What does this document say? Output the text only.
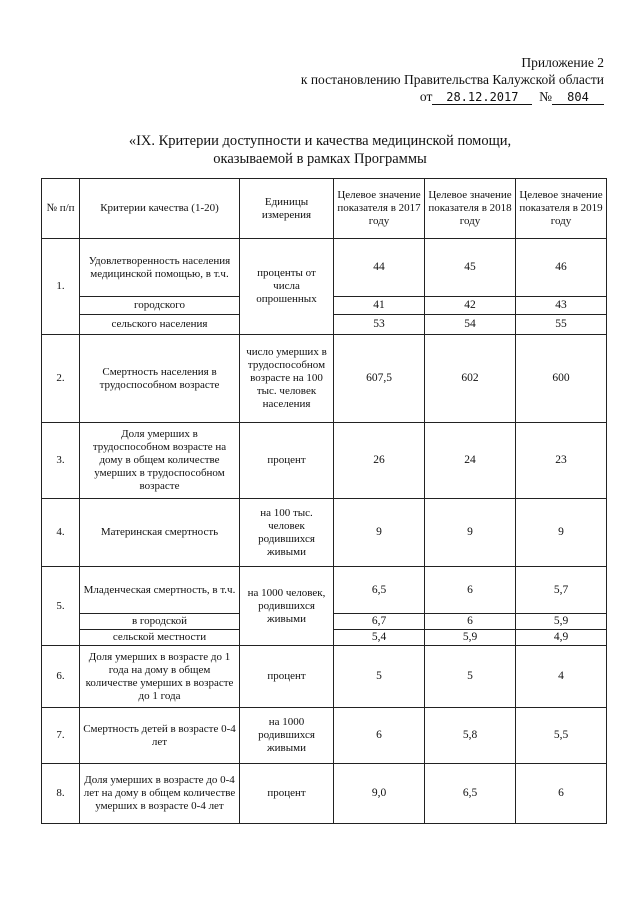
Приложение 2
к постановлению Правительства Калужской области
от 28.12.2017 № 804
«IX. Критерии доступности и качества медицинской помощи,
оказываемой в рамках Программы
№ п/п	Критерии качества (1-20)	Единицы измерения	Целевое значение показателя в 2017 году	Целевое значение показателя в 2018 году	Целевое значение показателя в 2019 году
1.	Удовлетворенность населения медицинской помощью, в т.ч.	проценты от числа опрошенных	44	45	46
	городского		41	42	43
	сельского населения		53	54	55
2.	Смертность населения в трудоспособном возрасте	число умерших в трудоспособном возрасте на 100 тыс. человек населения	607,5	602	600
3.	Доля умерших в трудоспособном возрасте на дому в общем количестве умерших в трудоспособном возрасте	процент	26	24	23
4.	Материнская смертность	на 100 тыс. человек родившихся живыми	9	9	9
5.	Младенческая смертность, в т.ч.	на 1000 человек, родившихся живыми	6,5	6	5,7
	в городской		6,7	6	5,9
	сельской местности		5,4	5,9	4,9
6.	Доля умерших в возрасте до 1 года на дому в общем количестве умерших в возрасте до 1 года	процент	5	5	4
7.	Смертность детей в возрасте 0-4 лет	на 1000 родившихся живыми	6	5,8	5,5
8.	Доля умерших в возрасте до 0-4 лет на дому в общем количестве умерших в возрасте 0-4 лет	процент	9,0	6,5	6
